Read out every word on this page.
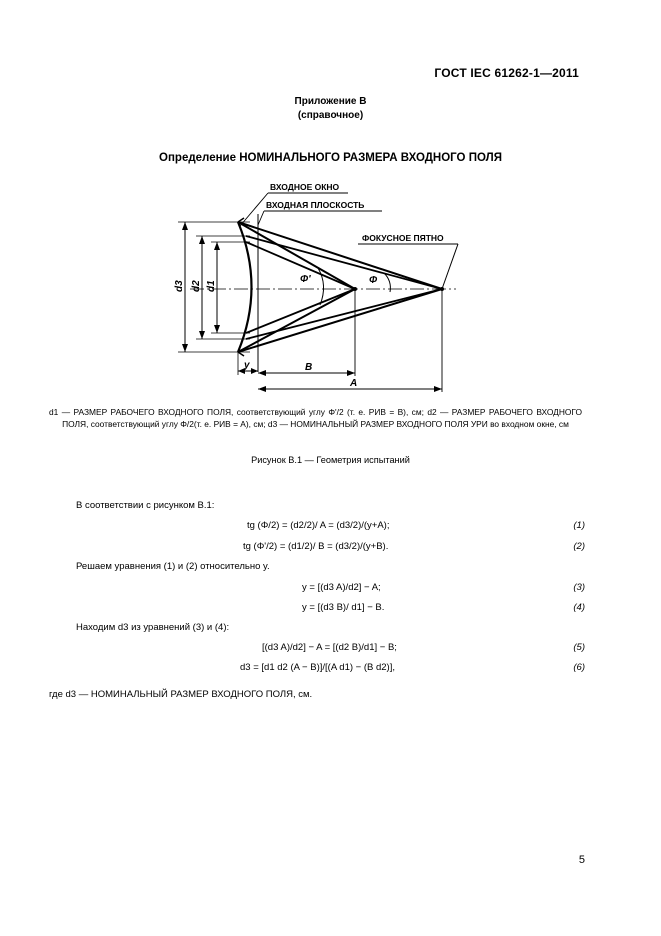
ГОСТ IEC 61262-1—2011
Приложение В
(справочное)
Определение НОМИНАЛЬНОГО РАЗМЕРА ВХОДНОГО ПОЛЯ
ВХОДНОЕ ОКНО
ВХОДНАЯ ПЛОСКОСТЬ
ФОКУСНОЕ ПЯТНО
d3 d2 d1
Φ'	Φ
y	B
A
d1 — РАЗМЕР РАБОЧЕГО ВХОДНОГО ПОЛЯ, соответствующий углу Φ'/2 (т. е. РИВ = B), см; d2 — РАЗМЕР РАБОЧЕГО ВХОДНОГО ПОЛЯ, соответствующий углу Φ/2(т. е. РИВ = A), см; d3 — НОМИНАЛЬНЫЙ РАЗМЕР ВХОДНОГО ПОЛЯ УРИ во входном окне, см
Рисунок В.1 — Геометрия испытаний
В соответствии с рисунком В.1:
tg (Φ/2) = (d2/2)/ A = (d3/2)/(y+A);	(1)
tg (Φ'/2) = (d1/2)/ B = (d3/2)/(y+B).	(2)
Решаем уравнения (1) и (2) относительно y.
y = [(d3 A)/d2] − A;	(3)
y = [(d3 B)/ d1] − B.	(4)
Находим d3 из уравнений (3) и (4):
[(d3 A)/d2] − A = [(d2 B)/d1] − B;	(5)
d3 = [d1 d2 (A − B)]/[(A d1) − (B d2)],	(6)
где d3 — НОМИНАЛЬНЫЙ РАЗМЕР ВХОДНОГО ПОЛЯ, см.
5
